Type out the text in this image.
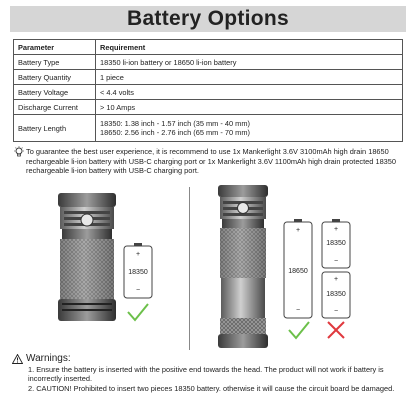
Battery Options
Parameter	Requirement
Battery Type	18350 li-ion battery or 18650 li-ion battery
Battery Quantity	1 piece
Battery Voltage	< 4.4 volts
Discharge Current	> 10 Amps
Battery Length	18350: 1.38 inch - 1.57 inch (35 mm - 40 mm)
18650: 2.56 inch - 2.76 inch (65 mm - 70 mm)

To guarantee the best user experience, it is recommend to use 1x Mankerlight 3.6V 3100mAh high drain 18650 rechargeable li-ion battery with USB-C charging port or 1x Mankerlight 3.6V 1100mAh high drain protected 18350 rechargeable li-ion battery with USB-C charging port.

+
−
18350
+
−
18650
+
−
18350
+
−
18350
Warnings:
1. Ensure the battery is inserted with the positive end towards the head. The product will not work if battery is incorrectly inserted.
2. CAUTION! Prohibited to insert two pieces 18350 battery. otherwise it will cause the circuit board be damaged.
